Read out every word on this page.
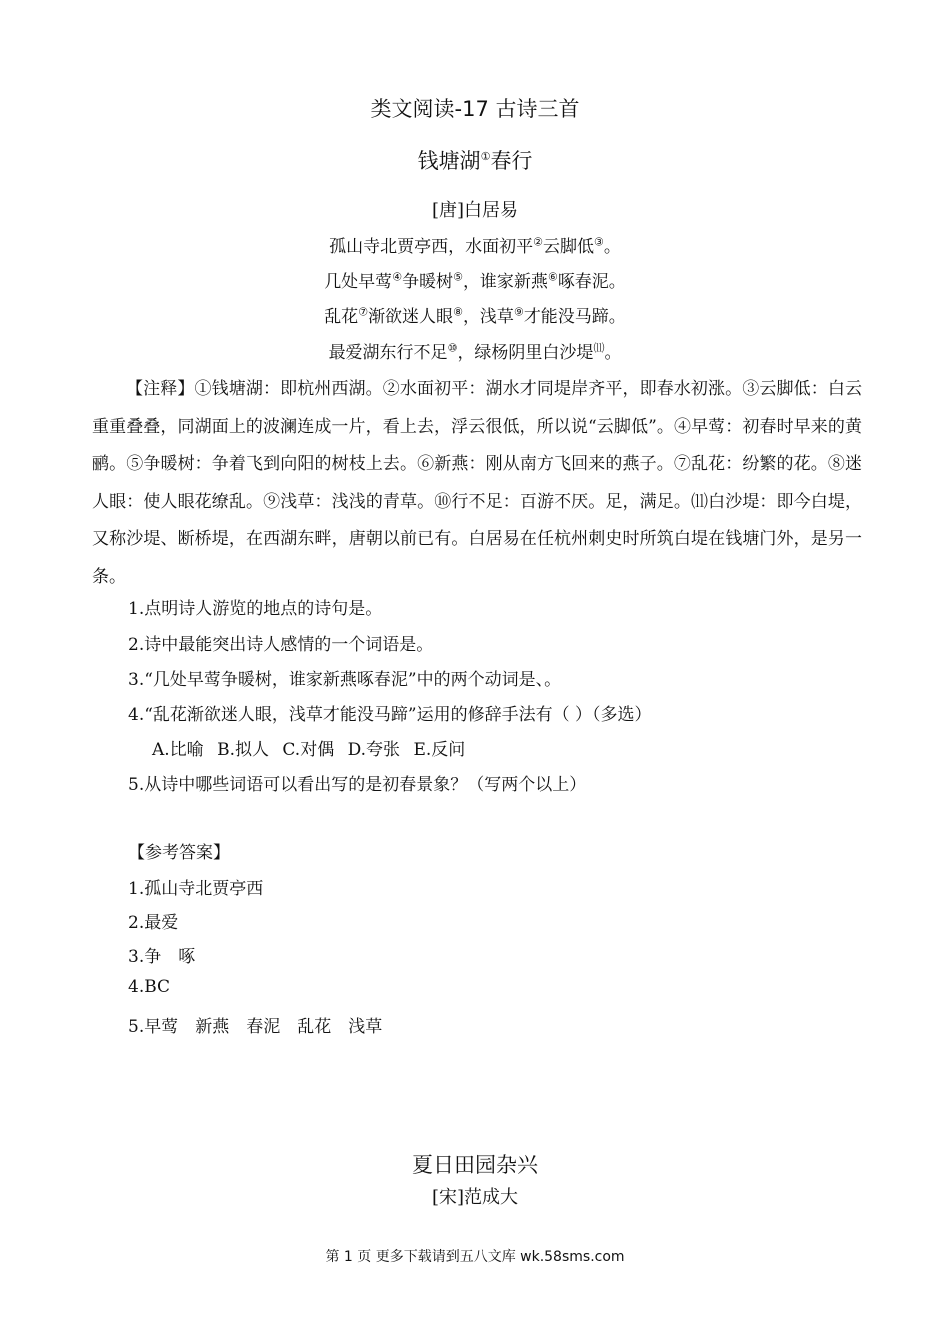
类文阅读-17 古诗三首
钱塘湖①春行
[唐]白居易
孤山寺北贾亭西，水面初平②云脚低③。
几处早莺④争暖树⑤，谁家新燕⑥啄春泥。
乱花⑦渐欲迷人眼⑧，浅草⑨才能没马蹄。
最爱湖东行不足⑩，绿杨阴里白沙堤⑾。
【注释】①钱塘湖：即杭州西湖。②水面初平：湖水才同堤岸齐平，即春水初涨。③云脚低：白云重重叠叠，同湖面上的波澜连成一片，看上去，浮云很低，所以说“云脚低”。④早莺：初春时早来的黄鹂。⑤争暖树：争着飞到向阳的树枝上去。⑥新燕：刚从南方飞回来的燕子。⑦乱花：纷繁的花。⑧迷人眼：使人眼花缭乱。⑨浅草：浅浅的青草。⑩行不足：百游不厌。足，满足。⑾白沙堤：即今白堤，又称沙堤、断桥堤，在西湖东畔，唐朝以前已有。白居易在任杭州刺史时所筑白堤在钱塘门外，是另一条。
1.点明诗人游览的地点的诗句是。
2.诗中最能突出诗人感情的一个词语是。
3.“几处早莺争暖树，谁家新燕啄春泥”中的两个动词是、。
4.“乱花渐欲迷人眼，浅草才能没马蹄”运用的修辞手法有（ ）（多选）
A.比喻 B.拟人 C.对偶 D.夸张 E.反问
5.从诗中哪些词语可以看出写的是初春景象？（写两个以上）
【参考答案】
1.孤山寺北贾亭西
2.最爱
3.争　啄
4.BC
5.早莺　新燕　春泥　乱花　浅草
夏日田园杂兴
[宋]范成大
第 1 页 更多下载请到五八文库 wk.58sms.com
